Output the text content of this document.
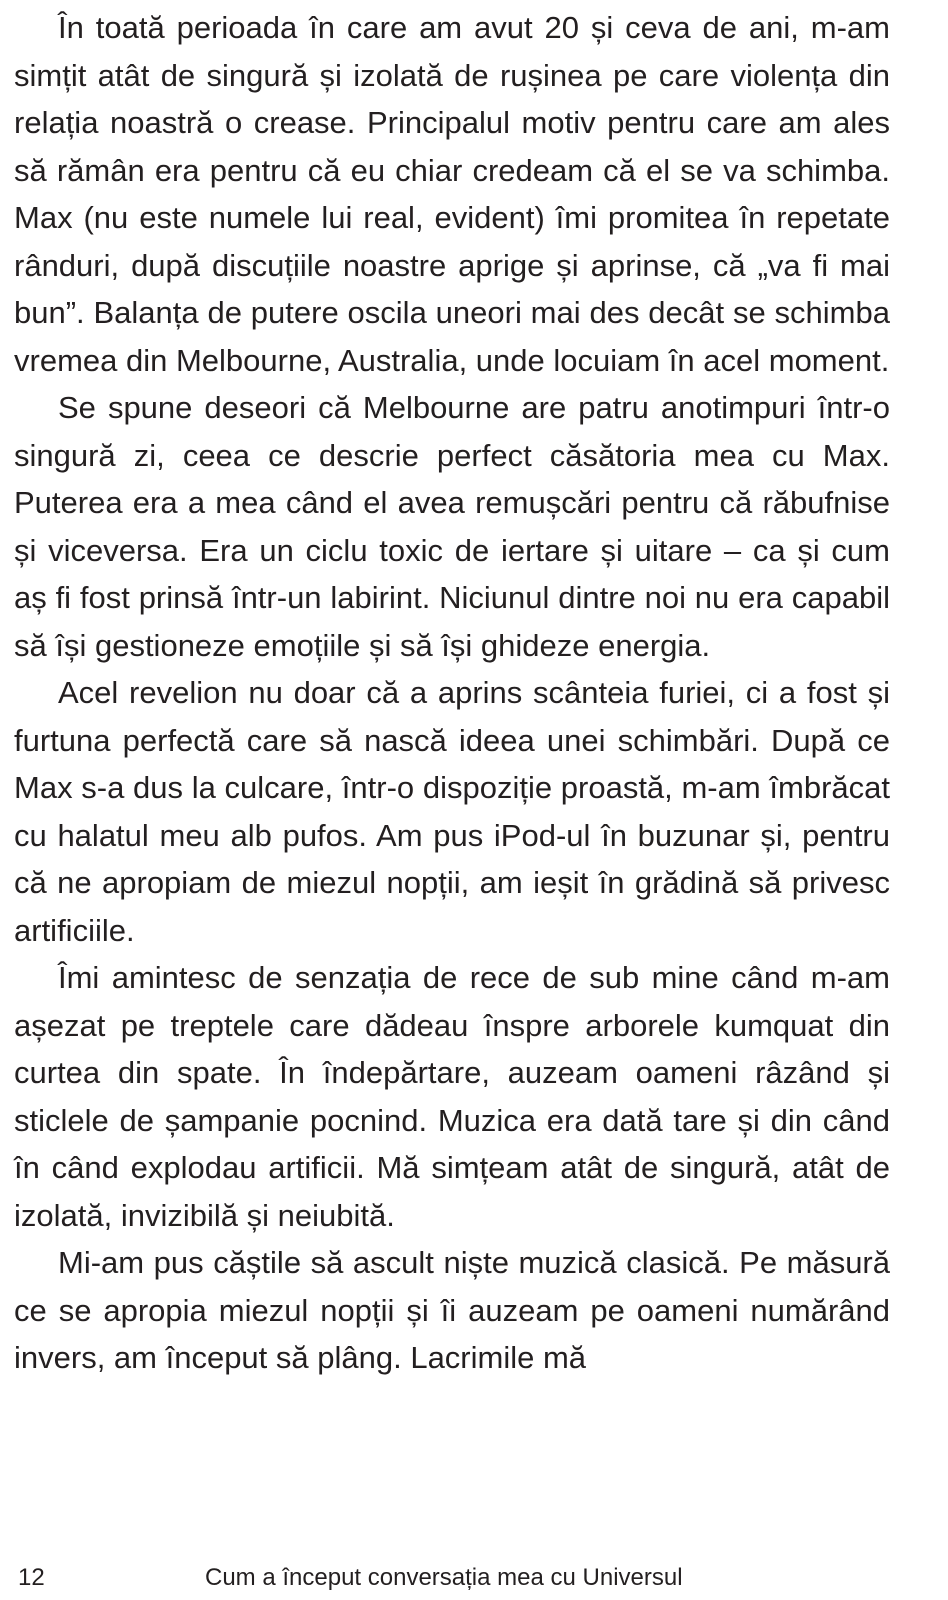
În toată perioada în care am avut 20 și ceva de ani, m-am simțit atât de singură și izolată de rușinea pe care violența din relația noastră o crease. Principalul motiv pentru care am ales să rămân era pentru că eu chiar credeam că el se va schimba. Max (nu este numele lui real, evident) îmi promitea în repetate rânduri, după discuțiile noastre aprige și aprinse, că „va fi mai bun”. Balanța de putere oscila uneori mai des decât se schimba vremea din Melbourne, Australia, unde locuiam în acel moment.

Se spune deseori că Melbourne are patru anotimpuri într-o singură zi, ceea ce descrie perfect căsătoria mea cu Max. Puterea era a mea când el avea remușcări pentru că răbufnise și viceversa. Era un ciclu toxic de iertare și uitare – ca și cum aș fi fost prinsă într-un labirint. Niciunul dintre noi nu era capabil să își gestioneze emoțiile și să își ghideze energia.

Acel revelion nu doar că a aprins scânteia furiei, ci a fost și furtuna perfectă care să nască ideea unei schimbări. După ce Max s-a dus la culcare, într-o dispoziție proastă, m-am îmbrăcat cu halatul meu alb pufos. Am pus iPod-ul în buzunar și, pentru că ne apropiam de miezul nopții, am ieșit în grădină să privesc artificiile.

Îmi amintesc de senzația de rece de sub mine când m-am așezat pe treptele care dădeau înspre arborele kumquat din curtea din spate. În îndepărtare, auzeam oameni râzând și sticlele de șampanie pocnind. Muzica era dată tare și din când în când explodau artificii. Mă simțeam atât de singură, atât de izolată, invizibilă și neiubită.

Mi-am pus căștile să ascult niște muzică clasică. Pe măsură ce se apropia miezul nopții și îi auzeam pe oameni numărând invers, am început să plâng. Lacrimile mă

12	Cum a început conversația mea cu Universul
